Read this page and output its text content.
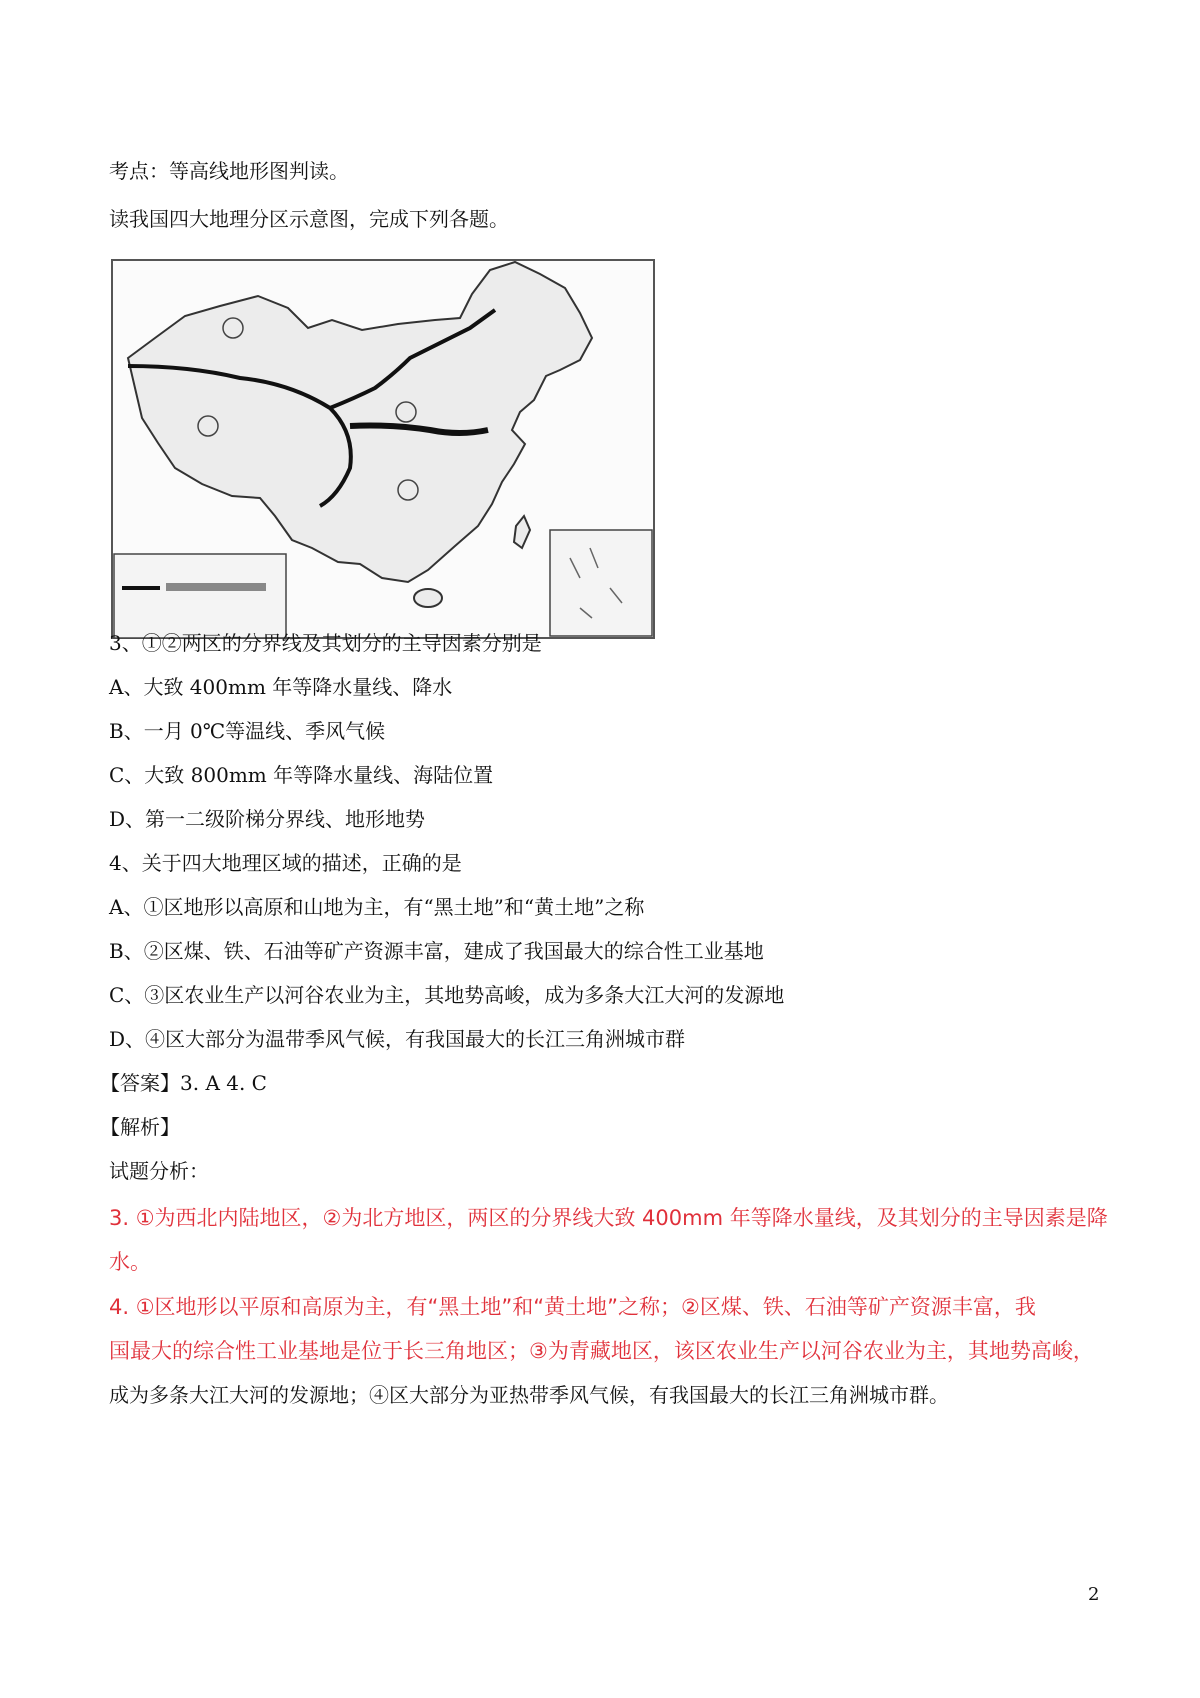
考点：等高线地形图判读。
读我国四大地理分区示意图，完成下列各题。
3、①②两区的分界线及其划分的主导因素分别是
A、大致 400mm 年等降水量线、降水
B、一月 0℃等温线、季风气候
C、大致 800mm 年等降水量线、海陆位置
D、第一二级阶梯分界线、地形地势
4、关于四大地理区域的描述，正确的是
A、①区地形以高原和山地为主，有“黑土地”和“黄土地”之称
B、②区煤、铁、石油等矿产资源丰富，建成了我国最大的综合性工业基地
C、③区农业生产以河谷农业为主，其地势高峻，成为多条大江大河的发源地
D、④区大部分为温带季风气候，有我国最大的长江三角洲城市群
【答案】3. A 4. C
【解析】
试题分析：
3. ①为西北内陆地区，②为北方地区，两区的分界线大致 400mm 年等降水量线，及其划分的主导因素是降
水。
4. ①区地形以平原和高原为主，有“黑土地”和“黄土地”之称；②区煤、铁、石油等矿产资源丰富，我
国最大的综合性工业基地是位于长三角地区；③为青藏地区，该区农业生产以河谷农业为主，其地势高峻，
成为多条大江大河的发源地；④区大部分为亚热带季风气候，有我国最大的长江三角洲城市群。
2
